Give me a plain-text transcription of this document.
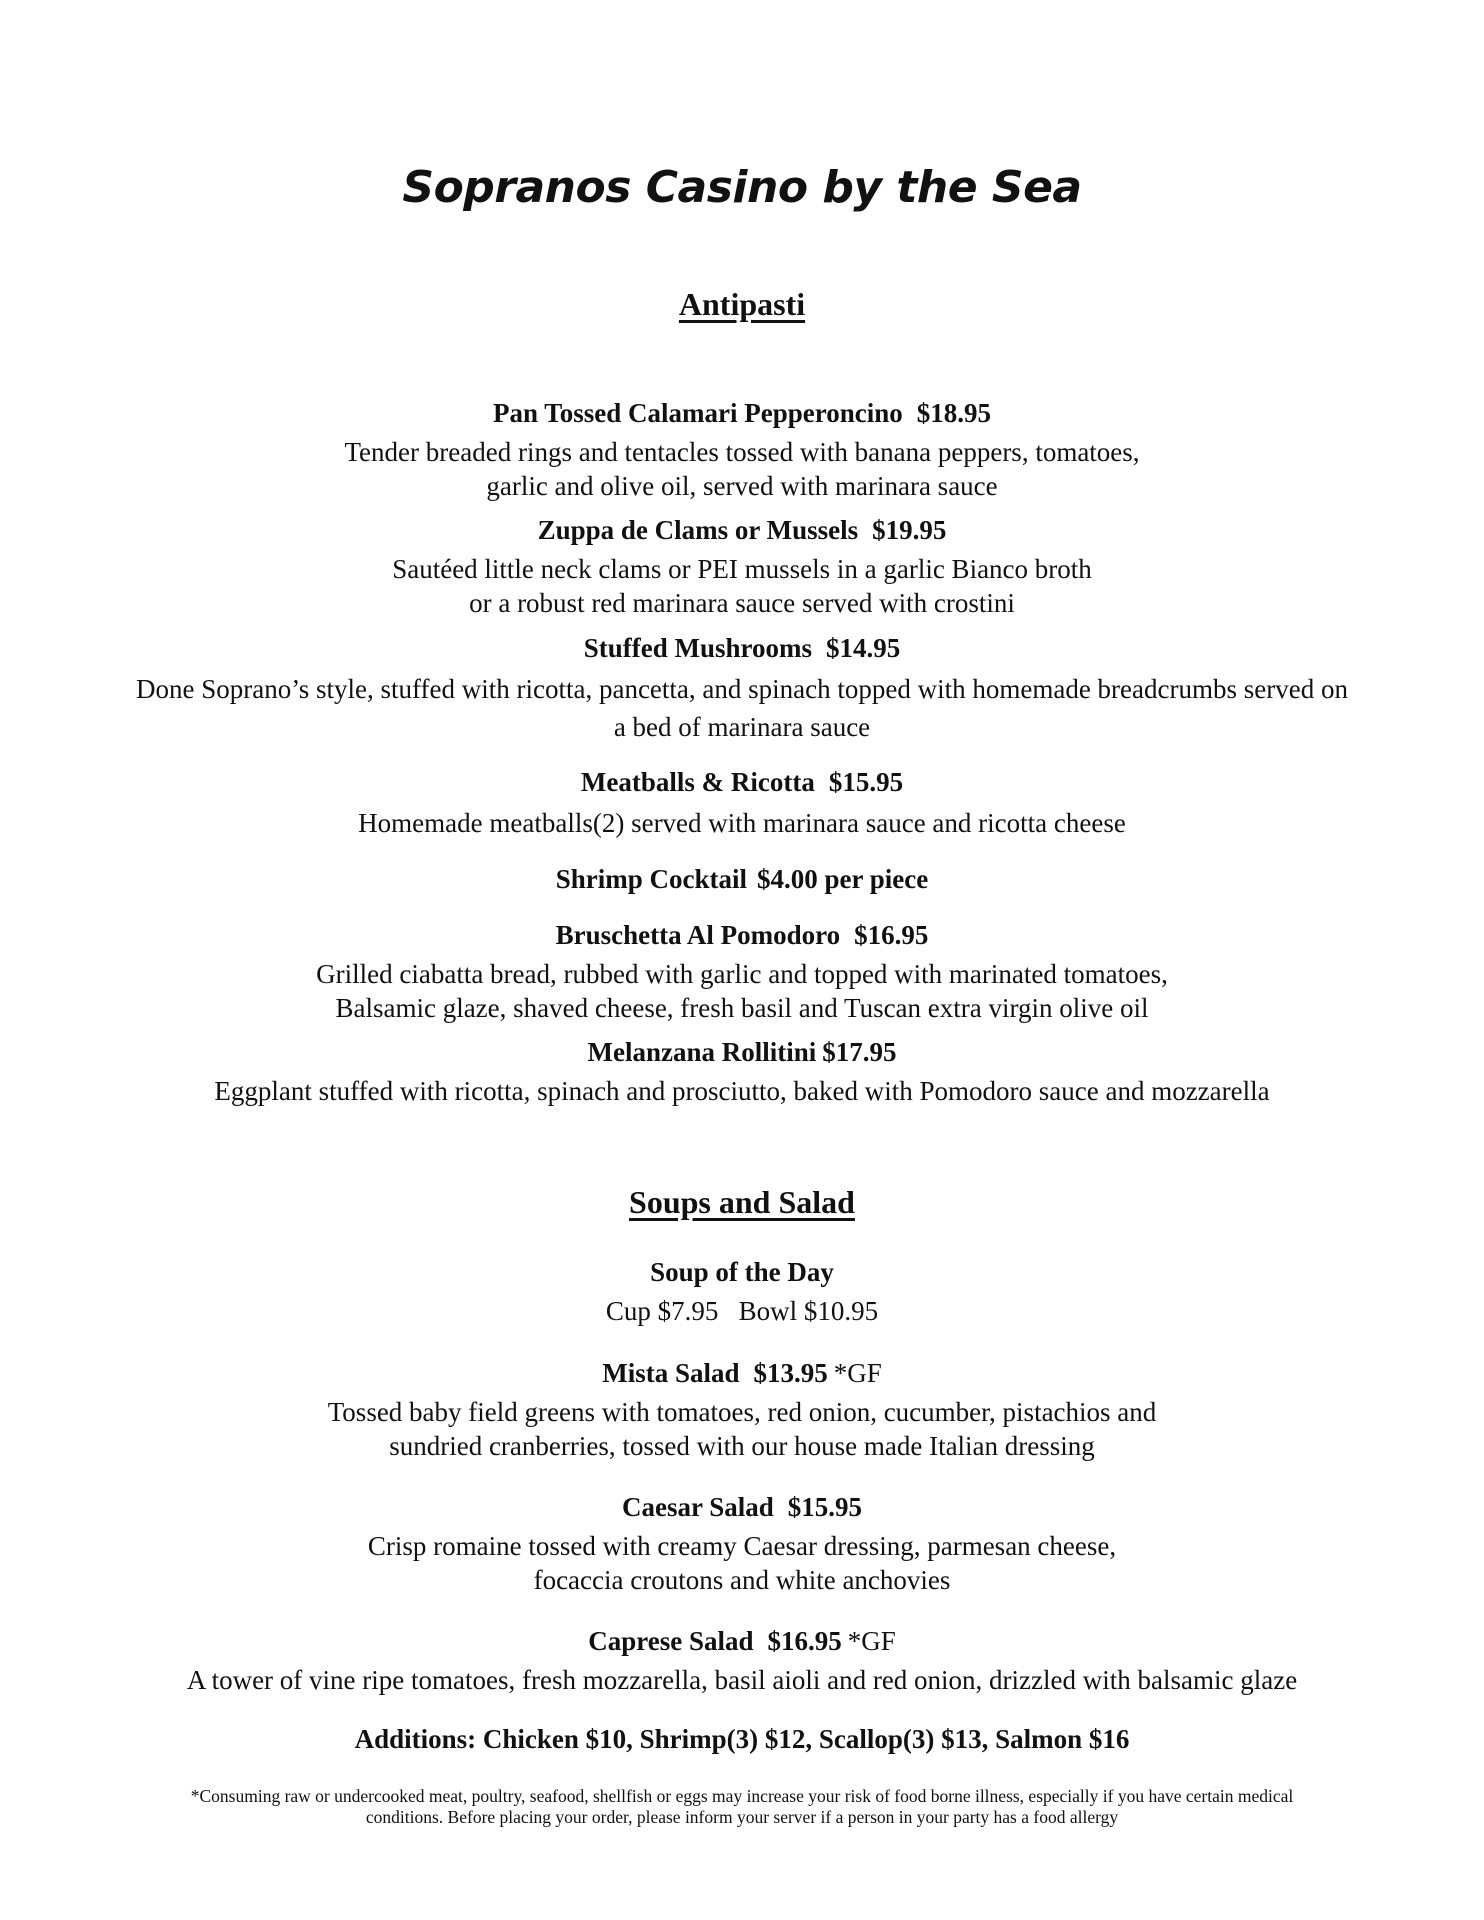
Sopranos Casino by the Sea
Antipasti
Pan Tossed Calamari Pepperoncino $18.95
Tender breaded rings and tentacles tossed with banana peppers, tomatoes,
garlic and olive oil, served with marinara sauce
Zuppa de Clams or Mussels $19.95
Sautéed little neck clams or PEI mussels in a garlic Bianco broth
or a robust red marinara sauce served with crostini
Stuffed Mushrooms $14.95
Done Soprano’s style, stuffed with ricotta, pancetta, and spinach topped with homemade breadcrumbs served on
a bed of marinara sauce
Meatballs & Ricotta $15.95
Homemade meatballs(2) served with marinara sauce and ricotta cheese
Shrimp Cocktail $4.00 per piece
Bruschetta Al Pomodoro $16.95
Grilled ciabatta bread, rubbed with garlic and topped with marinated tomatoes,
Balsamic glaze, shaved cheese, fresh basil and Tuscan extra virgin olive oil
Melanzana Rollitini $17.95
Eggplant stuffed with ricotta, spinach and prosciutto, baked with Pomodoro sauce and mozzarella
Soups and Salad
Soup of the Day
Cup $7.95   Bowl $10.95
Mista Salad $13.95 *GF
Tossed baby field greens with tomatoes, red onion, cucumber, pistachios and
sundried cranberries, tossed with our house made Italian dressing
Caesar Salad $15.95
Crisp romaine tossed with creamy Caesar dressing, parmesan cheese,
focaccia croutons and white anchovies
Caprese Salad $16.95 *GF
A tower of vine ripe tomatoes, fresh mozzarella, basil aioli and red onion, drizzled with balsamic glaze
Additions: Chicken $10, Shrimp(3) $12, Scallop(3) $13, Salmon $16
*Consuming raw or undercooked meat, poultry, seafood, shellfish or eggs may increase your risk of food borne illness, especially if you have certain medical
conditions. Before placing your order, please inform your server if a person in your party has a food allergy
